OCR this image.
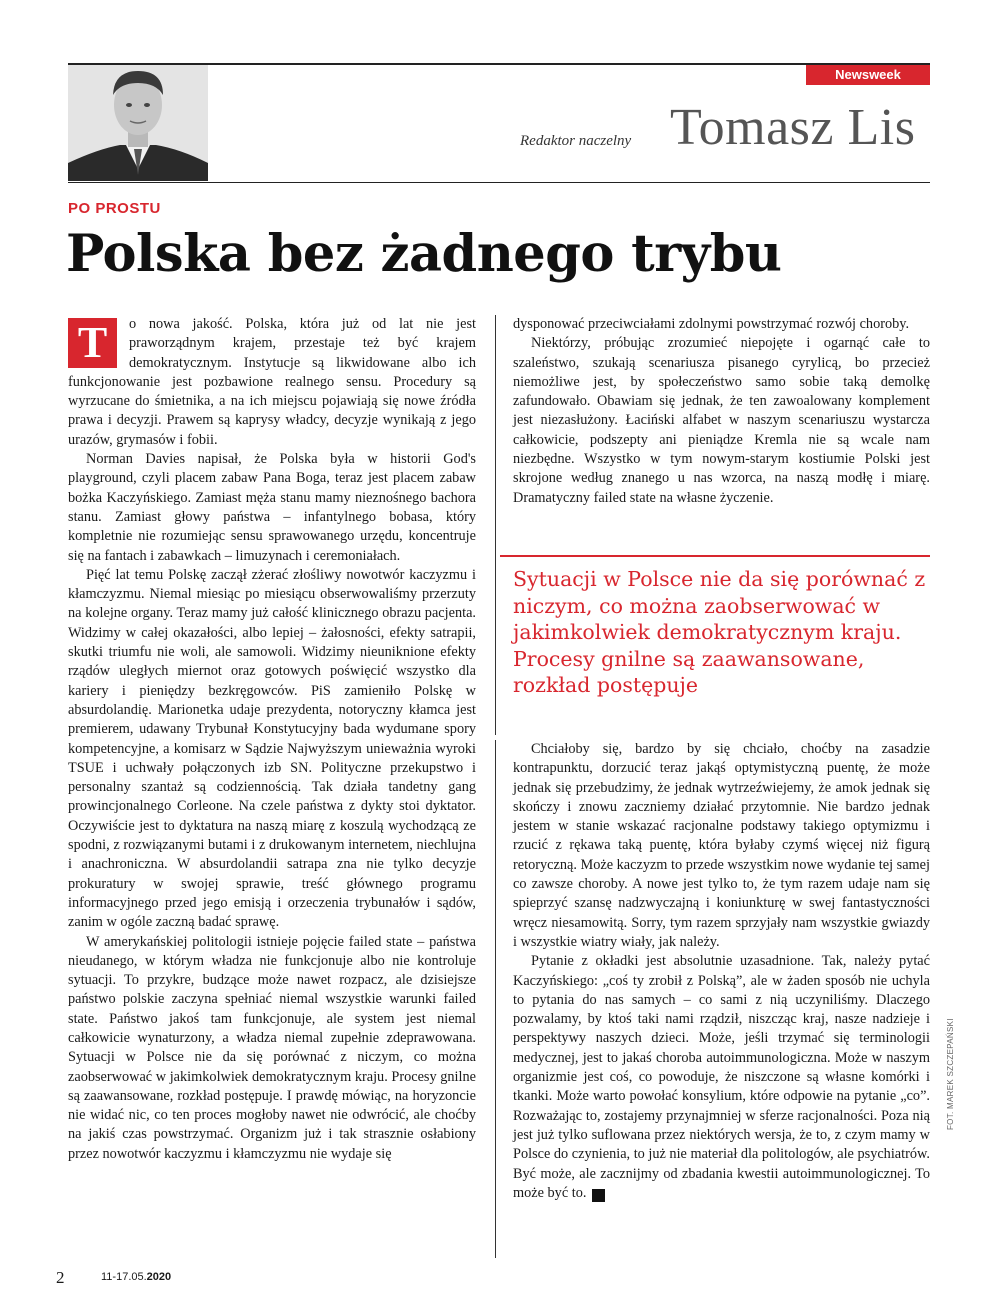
Newsweek
Redaktor naczelny Tomasz Lis
PO PROSTU
Polska bez żadnego trybu
T	o nowa jakość. Polska, która już od lat nie jest praworządnym krajem, przestaje też być krajem demokratycznym. Instytucje są likwidowane albo ich funkcjonowanie jest pozbawione realnego sensu. Procedury są wyrzucane do śmietnika, a na ich miejscu pojawiają się nowe źródła prawa i decyzji. Prawem są kaprysy władcy, decyzje wynikają z jego urazów, grymasów i fobii.

Norman Davies napisał, że Polska była w historii God's playground, czyli placem zabaw Pana Boga, teraz jest placem zabaw bożka Kaczyńskiego. Zamiast męża stanu mamy nieznośnego bachora stanu. Zamiast głowy państwa – infantylnego bobasa, który kompletnie nie rozumiejąc sensu sprawowanego urzędu, koncentruje się na fantach i zabawkach – limuzynach i ceremoniałach.

Pięć lat temu Polskę zaczął zżerać złośliwy nowotwór kaczyzmu i kłamczyzmu. Niemal miesiąc po miesiącu obserwowaliśmy przerzuty na kolejne organy. Teraz mamy już całość klinicznego obrazu pacjenta. Widzimy w całej okazałości, albo lepiej – żałosności, efekty satrapii, skutki triumfu nie woli, ale samowoli. Widzimy nieuniknione efekty rządów uległych miernot oraz gotowych poświęcić wszystko dla kariery i pieniędzy bezkręgowców. PiS zamieniło Polskę w absurdolandię. Marionetka udaje prezydenta, notoryczny kłamca jest premierem, udawany Trybunał Konstytucyjny bada wydumane spory kompetencyjne, a komisarz w Sądzie Najwyższym unieważnia wyroki TSUE i uchwały połączonych izb SN. Polityczne przekupstwo i personalny szantaż są codziennością. Tak działa tandetny gang prowincjonalnego Corleone. Na czele państwa z dykty stoi dyktator. Oczywiście jest to dyktatura na naszą miarę z koszulą wychodzącą ze spodni, z rozwiązanymi butami i z drukowanym internetem, niechlujna i anachroniczna. W absurdolandii satrapa zna nie tylko decyzje prokuratury w swojej sprawie, treść głównego programu informacyjnego przed jego emisją i orzeczenia trybunałów i sądów, zanim w ogóle zaczną badać sprawę.

W amerykańskiej politologii istnieje pojęcie failed state – państwa nieudanego, w którym władza nie funkcjonuje albo nie kontroluje sytuacji. To przykre, budzące może nawet rozpacz, ale dzisiejsze państwo polskie zaczyna spełniać niemal wszystkie warunki failed state. Państwo jakoś tam funkcjonuje, ale system jest niemal całkowicie wynaturzony, a władza niemal zupełnie zdeprawowana. Sytuacji w Polsce nie da się porównać z niczym, co można zaobserwować w jakimkolwiek demokratycznym kraju. Procesy gnilne są zaawansowane, rozkład postępuje. I prawdę mówiąc, na horyzoncie nie widać nic, co ten proces mogłoby nawet nie odwrócić, ale choćby na jakiś czas powstrzymać. Organizm już i tak strasznie osłabiony przez nowotwór kaczyzmu i kłamczyzmu nie wydaje się

dysponować przeciwciałami zdolnymi powstrzymać rozwój choroby.

Niektórzy, próbując zrozumieć niepojęte i ogarnąć całe to szaleństwo, szukają scenariusza pisanego cyrylicą, bo przecież niemożliwe jest, by społeczeństwo samo sobie taką demolkę zafundowało. Obawiam się jednak, że ten zawoalowany komplement jest niezasłużony. Łaciński alfabet w naszym scenariuszu wystarcza całkowicie, podszepty ani pieniądze Kremla nie są wcale nam niezbędne. Wszystko w tym nowym-starym kostiumie Polski jest skrojone według znanego u nas wzorca, na naszą modłę i miarę. Dramatyczny failed state na własne życzenie.

Sytuacji w Polsce nie da się porównać z niczym, co można zaobserwować w jakimkolwiek demokratycznym kraju. Procesy gnilne są zaawansowane, rozkład postępuje

Chciałoby się, bardzo by się chciało, choćby na zasadzie kontrapunktu, dorzucić teraz jakąś optymistyczną puentę, że może jednak się przebudzimy, że jednak wytrzeźwiejemy, że amok jednak się skończy i znowu zaczniemy działać przytomnie. Nie bardzo jednak jestem w stanie wskazać racjonalne podstawy takiego optymizmu i rzucić z rękawa taką puentę, która byłaby czymś więcej niż figurą retoryczną. Może kaczyzm to przede wszystkim nowe wydanie tej samej co zawsze choroby. A nowe jest tylko to, że tym razem udaje nam się spieprzyć szansę nadzwyczajną i koniunkturę w swej fantastyczności wręcz niesamowitą. Sorry, tym razem sprzyjały nam wszystkie gwiazdy i wszystkie wiatry wiały, jak należy.

Pytanie z okładki jest absolutnie uzasadnione. Tak, należy pytać Kaczyńskiego: „coś ty zrobił z Polską”, ale w żaden sposób nie uchyla to pytania do nas samych – co sami z nią uczyniliśmy. Dlaczego pozwalamy, by ktoś taki nami rządził, niszcząc kraj, nasze nadzieje i perspektywy naszych dzieci. Może, jeśli trzymać się terminologii medycznej, jest to jakaś choroba autoimmunologiczna. Może w naszym organizmie jest coś, co powoduje, że niszczone są własne komórki i tkanki. Może warto powołać konsylium, które odpowie na pytanie „co”. Rozważając to, zostajemy przynajmniej w sferze racjonalności. Poza nią jest już tylko suflowana przez niektórych wersja, że to, z czym mamy w Polsce do czynienia, to już nie materiał dla politologów, ale psychiatrów. Być może, ale zacznijmy od zbadania kwestii autoimmunologicznej. To może być to. N

2	11-17.05.2020
FOT. MAREK SZCZEPAŃSKI
